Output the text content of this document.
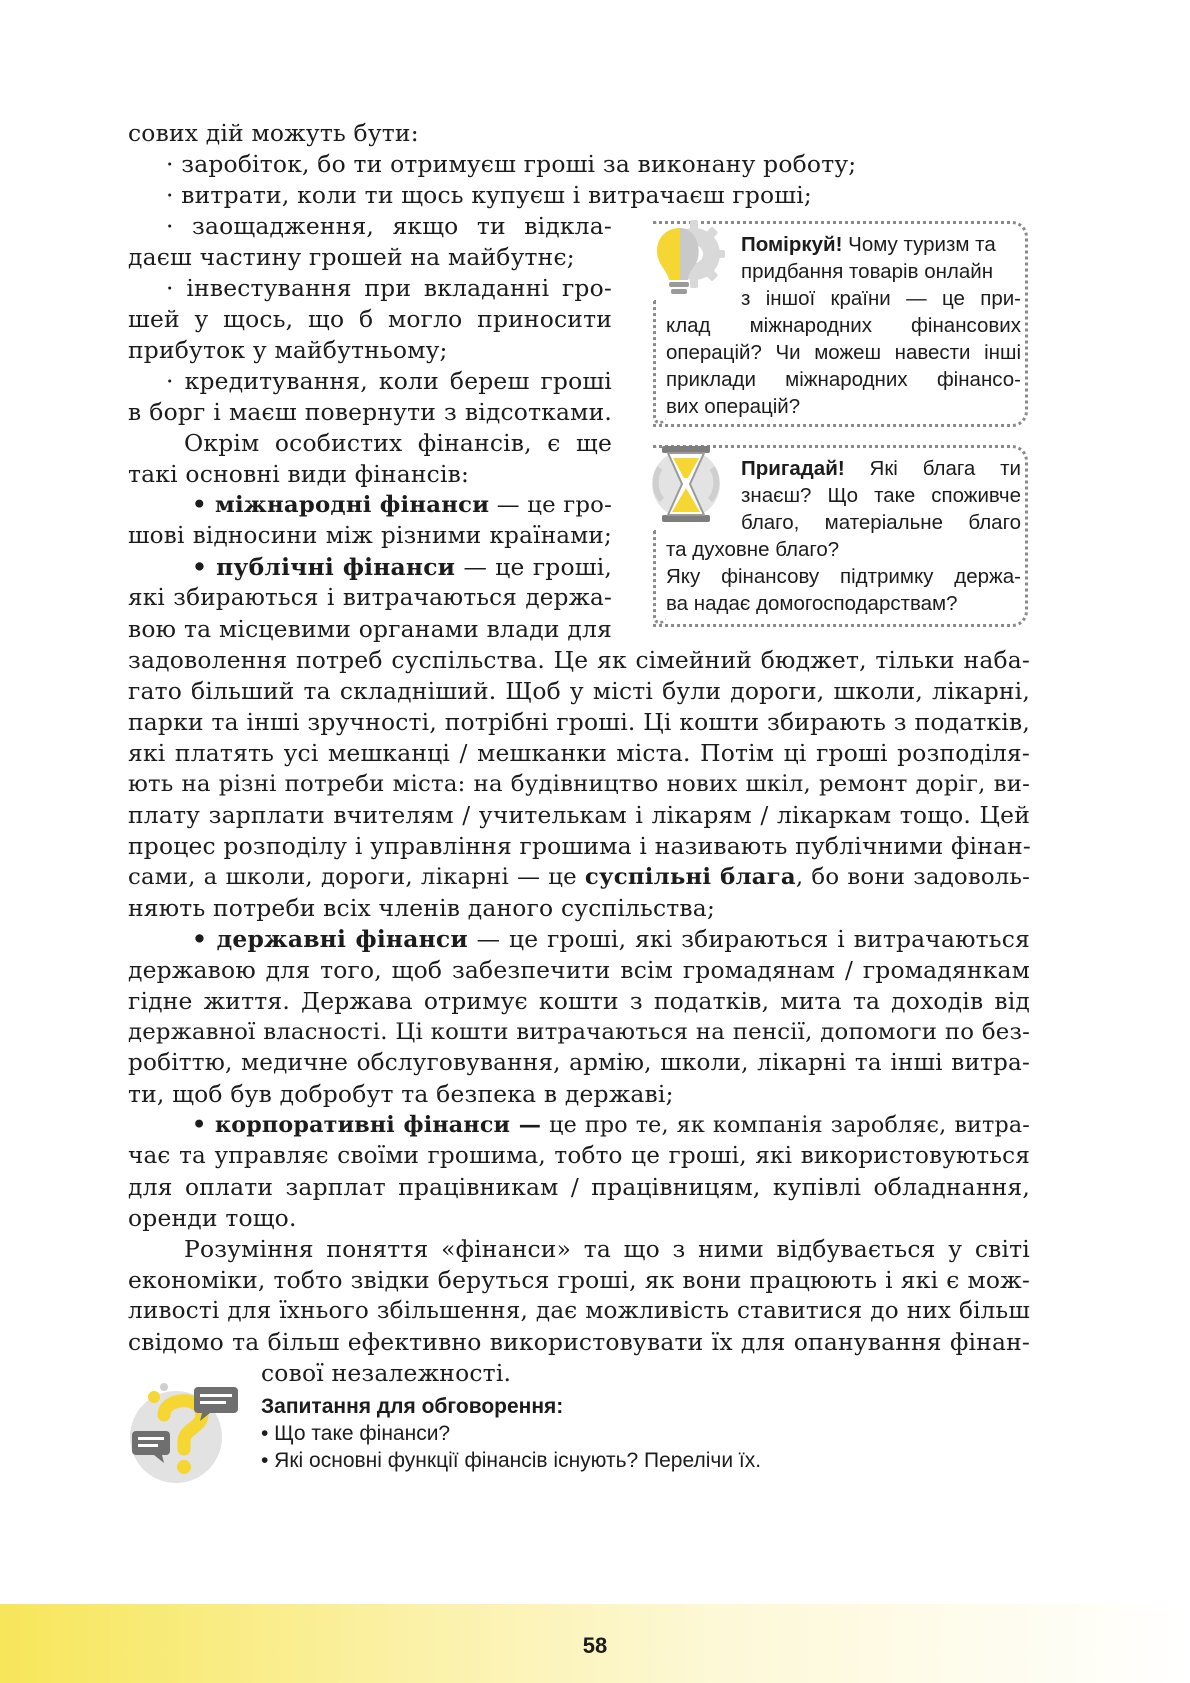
сових дій можуть бути:
· заробіток, бо ти отримуєш гроші за виконану роботу;
· витрати, коли ти щось купуєш і витрачаєш гроші;
· заощадження, якщо ти відкла-
даєш частину грошей на майбутнє;
· інвестування при вкладанні гро-
шей у щось, що б могло приносити
прибуток у майбутньому;
· кредитування, коли береш гроші
в борг і маєш повернути з відсотками.
Окрім особистих фінансів, є ще
такі основні види фінансів:
• міжнародні фінанси — це гро-
шові відносини між різними країнами;
• публічні фінанси — це гроші,
які збираються і витрачаються держа-
вою та місцевими органами влади для
задоволення потреб суспільства. Це як сімейний бюджет, тільки наба-
гато більший та складніший. Щоб у місті були дороги, школи, лікарні,
парки та інші зручності, потрібні гроші. Ці кошти збирають з податків,
які платять усі мешканці / мешканки міста. Потім ці гроші розподіля-
ють на різні потреби міста: на будівництво нових шкіл, ремонт доріг, ви-
плату зарплати вчителям / учителькам і лікарям / лікаркам тощо. Цей
процес розподілу і управління грошима і називають публічними фінан-
сами, а школи, дороги, лікарні — це суспільні блага, бо вони задоволь-
няють потреби всіх членів даного суспільства;
• державні фінанси — це гроші, які збираються і витрачаються
державою для того, щоб забезпечити всім громадянам / громадянкам
гідне життя. Держава отримує кошти з податків, мита та доходів від
державної власності. Ці кошти витрачаються на пенсії, допомоги по без-
робіттю, медичне обслуговування, армію, школи, лікарні та інші витра-
ти, щоб був добробут та безпека в державі;
• корпоративні фінанси — це про те, як компанія заробляє, витра-
чає та управляє своїми грошима, тобто це гроші, які використовуються
для оплати зарплат працівникам / працівницям, купівлі обладнання,
оренди тощо.
Розуміння поняття «фінанси» та що з ними відбувається у світі
економіки, тобто звідки беруться гроші, як вони працюють і які є мож-
ливості для їхнього збільшення, дає можливість ставитися до них більш
свідомо та більш ефективно використовувати їх для опанування фінан-
сової незалежності.
Поміркуй! Чому туризм та
придбання товарів онлайн
з іншої країни — це при-
клад міжнародних фінансових
операцій? Чи можеш навести інші
приклади міжнародних фінансо-
вих операцій?
Пригадай! Які блага ти
знаєш? Що таке споживче
благо, матеріальне благо
та духовне благо?
Яку фінансову підтримку держа-
ва надає домогосподарствам?
Запитання для обговорення:
• Що таке фінанси?
• Які основні функції фінансів існують? Перелічи їх.
58
